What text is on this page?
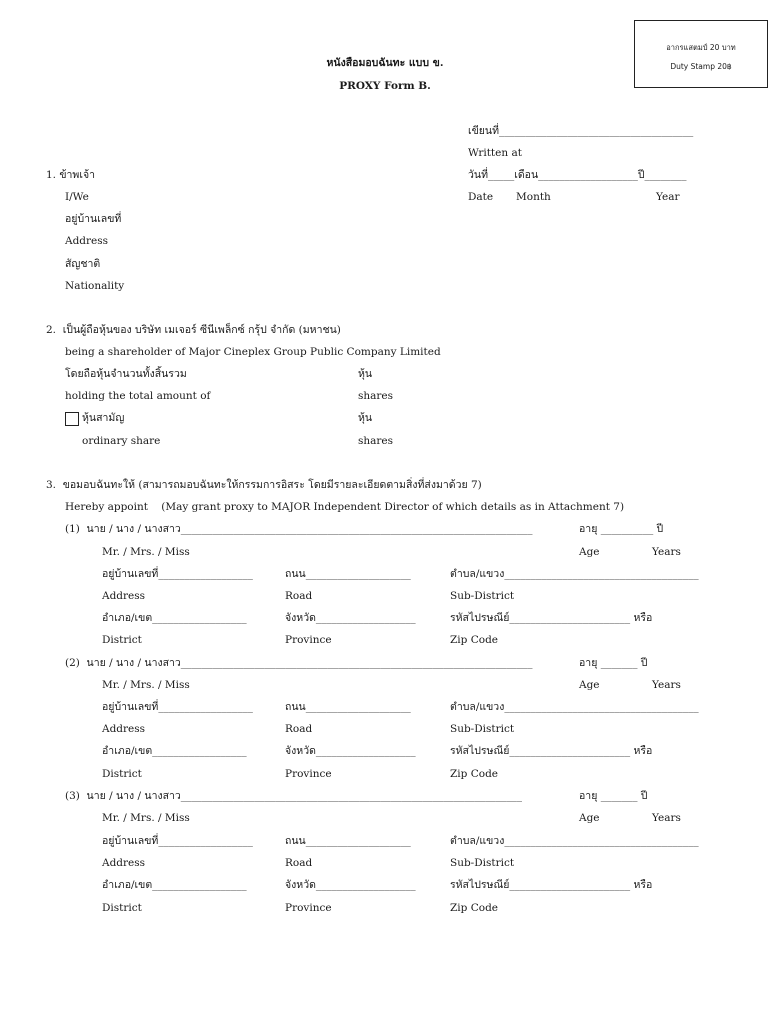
อากรแสตมป์ 20 บาท
Duty Stamp 20฿
หนังสือมอบฉันทะ แบบ ข.
PROXY Form B.
เขียนที่_____________________________________
Written at
วันที่_____เดือน___________________ปี________
Date Month	Year
1. ข้าพเจ้า
I/We
อยู่บ้านเลขที่
Address
สัญชาติ
Nationality
2.  เป็นผู้ถือหุ้นของ บริษัท เมเจอร์ ซีนีเพล็กซ์ กรุ้ป จำกัด (มหาชน)
being a shareholder of Major Cineplex Group Public Company Limited
โดยถือหุ้นจำนวนทั้งสิ้นรวม	หุ้น
holding the total amount of	shares
หุ้นสามัญ	หุ้น
ordinary share	shares
3.  ขอมอบฉันทะให้ (สามารถมอบฉันทะให้กรรมการอิสระ โดยมีรายละเอียดตามสิ่งที่ส่งมาด้วย 7)
Hereby appoint    (May grant proxy to MAJOR Independent Director of which details as in Attachment 7)
(1)  นาย / นาง / นางสาว___________________________________________________________________	อายุ __________ ปี
Mr. / Mrs. / Miss	Age	Years
อยู่บ้านเลขที่__________________	ถนน____________________	ตำบล/แขวง_____________________________________
Address	Road	Sub-District
อำเภอ/เขต__________________	จังหวัด___________________	รหัสไปรษณีย์_______________________ หรือ
District	Province	Zip Code
(2)  นาย / นาง / นางสาว___________________________________________________________________	อายุ _______ ปี
Mr. / Mrs. / Miss	Age	Years
อยู่บ้านเลขที่__________________	ถนน____________________	ตำบล/แขวง_____________________________________
Address	Road	Sub-District
อำเภอ/เขต__________________	จังหวัด___________________	รหัสไปรษณีย์_______________________ หรือ
District	Province	Zip Code
(3)  นาย / นาง / นางสาว_________________________________________________________________	อายุ _______ ปี
Mr. / Mrs. / Miss	Age	Years
อยู่บ้านเลขที่__________________	ถนน____________________	ตำบล/แขวง_____________________________________
Address	Road	Sub-District
อำเภอ/เขต__________________	จังหวัด___________________	รหัสไปรษณีย์_______________________ หรือ
District	Province	Zip Code
